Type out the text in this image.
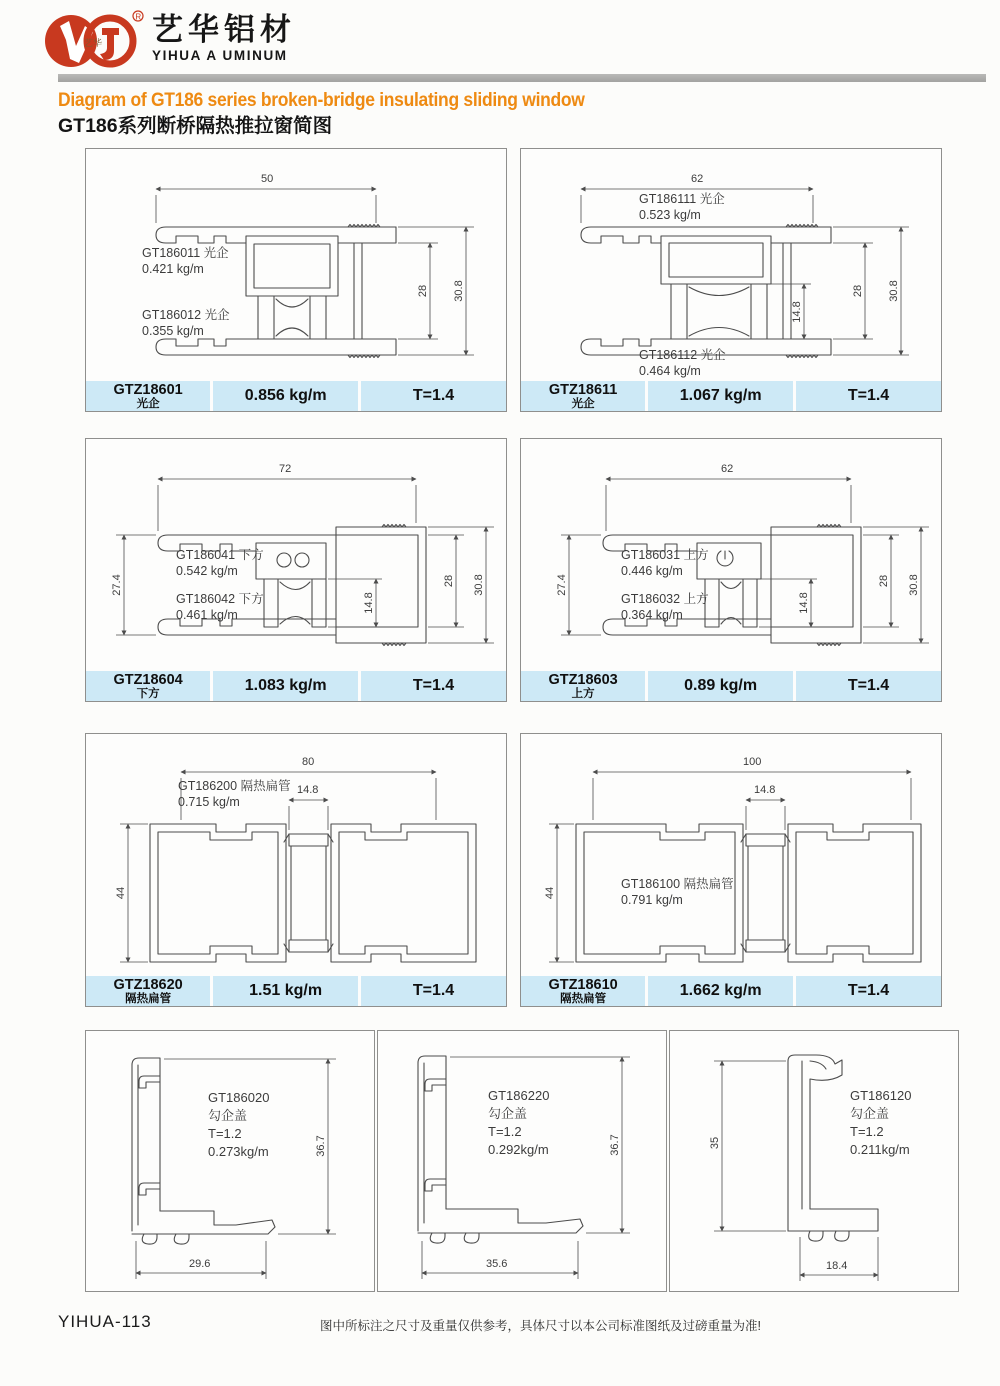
艺华
R 艺华铝材
YIHUA A UMINUM
Diagram of GT186 series broken-bridge insulating sliding window
GT186系列断桥隔热推拉窗简图
50
28 30.8
GT186011 光企
0.421 kg/m
GT186012 光企
0.355 kg/m
GTZ18601
光企	0.856 kg/m	T=1.4
62
14.8
28 30.8
GT186111 光企
0.523 kg/m
GT186112 光企
0.464 kg/m
GTZ18611
光企	1.067 kg/m	T=1.4
72
27.4
14.8
28 30.8
GT186041 下方
0.542 kg/m
GT186042 下方
0.461 kg/m
GTZ18604
下方	1.083 kg/m	T=1.4
62
27.4
14.8
28 30.8
GT186031 上方
0.446 kg/m
GT186032 上方
0.364 kg/m
GTZ18603
上方	0.89 kg/m	T=1.4
80
14.8
44
GT186200 隔热扁管
0.715 kg/m
GTZ18620
隔热扁管	1.51 kg/m	T=1.4
100
14.8
44
GT186100 隔热扁管
0.791 kg/m
GTZ18610
隔热扁管	1.662 kg/m	T=1.4
36.7
29.6
GT186020
勾企盖
T=1.2
0.273kg/m	36.7
35.6
GT186220
勾企盖
T=1.2
0.292kg/m	35
18.4
GT186120
勾企盖
T=1.2
0.211kg/m
YIHUA-113	图中所标注之尺寸及重量仅供参考，具体尺寸以本公司标准图纸及过磅重量为准!
